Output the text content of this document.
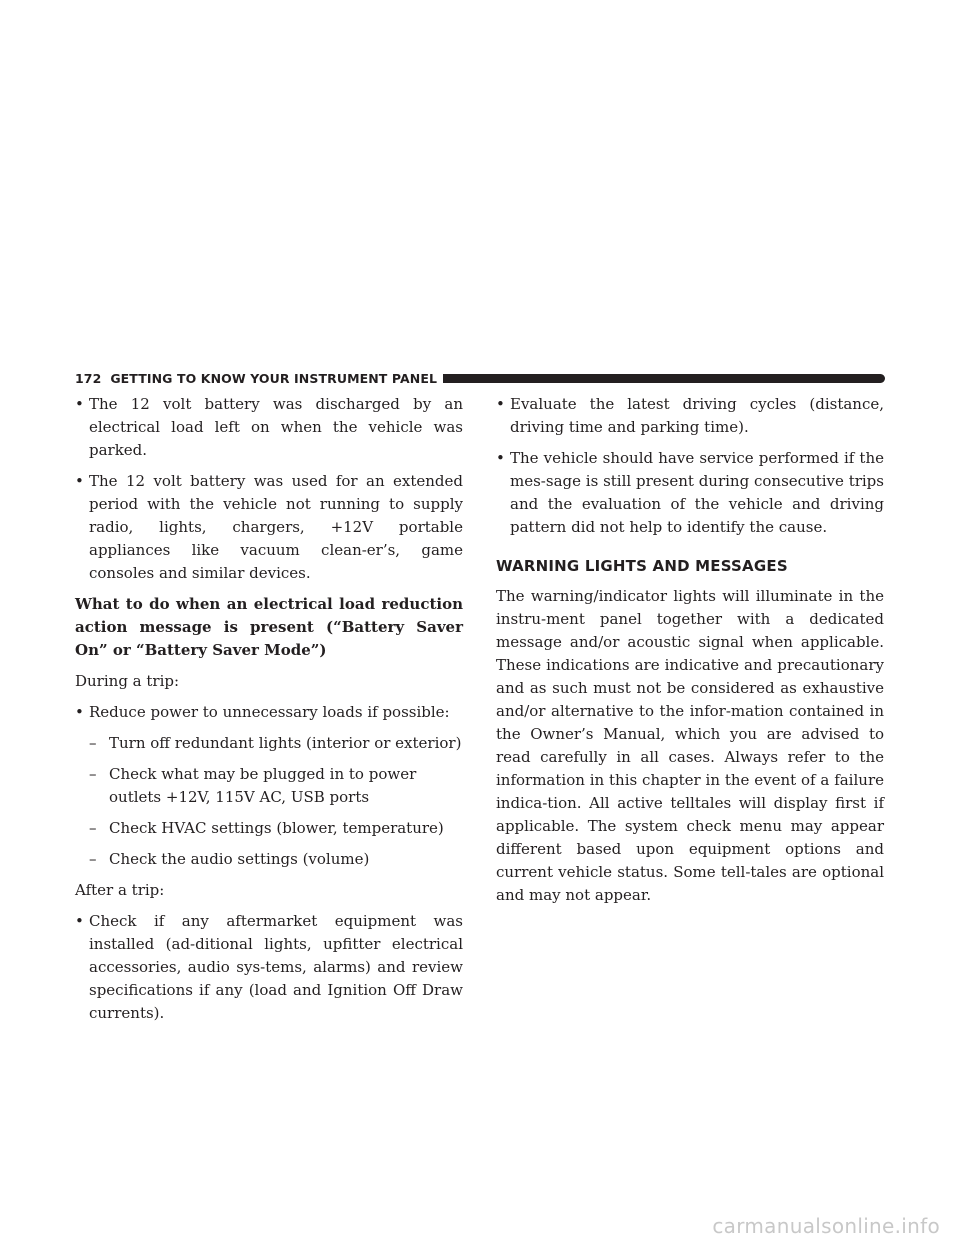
172 GETTING TO KNOW YOUR INSTRUMENT PANEL
• The 12 volt battery was discharged by an electrical load left on when the vehicle was parked.
• The 12 volt battery was used for an extended period with the vehicle not running to supply radio, lights, chargers, +12V portable appliances like vacuum clean-er’s, game consoles and similar devices.

What to do when an electrical load reduction action message is present (“Battery Saver On” or “Battery Saver Mode”)

During a trip:

• Reduce power to unnecessary loads if possible:
– Turn off redundant lights (interior or exterior)
– Check what may be plugged in to power outlets +12V, 115V AC, USB ports
– Check HVAC settings (blower, temperature)
– Check the audio settings (volume)

After a trip:

• Check if any aftermarket equipment was installed (ad-ditional lights, upfitter electrical accessories, audio sys-tems, alarms) and review specifications if any (load and Ignition Off Draw currents).
• Evaluate the latest driving cycles (distance, driving time and parking time).
• The vehicle should have service performed if the mes-sage is still present during consecutive trips and the evaluation of the vehicle and driving pattern did not help to identify the cause.
WARNING LIGHTS AND MESSAGES

The warning/indicator lights will illuminate in the instru-ment panel together with a dedicated message and/or acoustic signal when applicable. These indications are indicative and precautionary and as such must not be considered as exhaustive and/or alternative to the infor-mation contained in the Owner’s Manual, which you are advised to read carefully in all cases. Always refer to the information in this chapter in the event of a failure indica-tion. All active telltales will display first if applicable. The system check menu may appear different based upon equipment options and current vehicle status. Some tell-tales are optional and may not appear.

carmanualsonline.info
